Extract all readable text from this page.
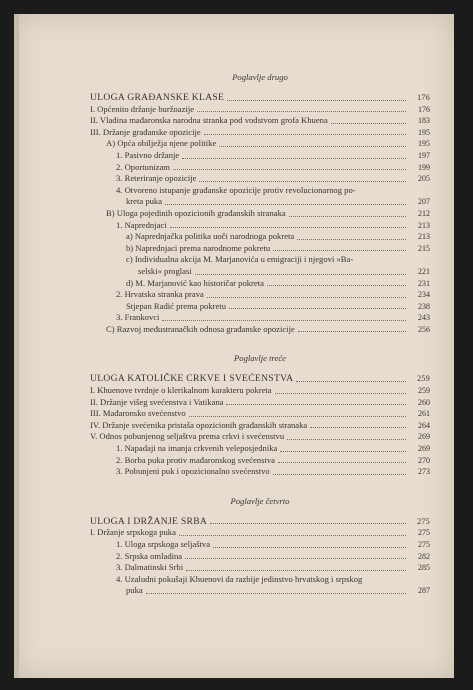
Poglavlje drugo

ULOGA GRAĐANSKE KLASE	176
I. Općenito držanje buržoazije	176
II. Vladina mađaronska narodna stranka pod vodstvom grofa Khuena	183
III. Držanje građanske opozicije	195
A) Opća obilježja njene politike	195
1. Pasivno držanje	197
2. Oportunizam	199
3. Reteriranje opozicije	205
4. Otvoreno istupanje građanske opozicije protiv revolucionarnog po-
kreta puka	207
B) Uloga pojedinih opozicionih građanskih stranaka	212
1. Naprednjaci	213
a) Naprednjačka politika uoči narodnoga pokreta	213
b) Naprednjaci prema narodnome pokretu	215
c) Individualna akcija M. Marjanovića u emigraciji i njegovi »Ba-
selski« proglasi	221
d) M. Marjanović kao historičar pokreta	231
2. Hrvatska stranka prava	234
Stjepan Radić prema pokretu	238
3. Frankovci	243
C) Razvoj međustranačkih odnosa građanske opozicije	256

Poglavlje treće

ULOGA KATOLIČKE CRKVE I SVEĆENSTVA	259
I. Khuenove tvrdnje o klerikalnom karakteru pokreta	259
II. Držanje višeg svećenstva i Vatikana	260
III. Mađaronsko svećenstvo	261
IV. Držanje svećenika pristaša opozicionih građanskih stranaka	264
V. Odnos pobunjenog seljaštva prema crkvi i svećenstvu	269
1. Napadaji na imanja crkvenih veleposjednika	269
2. Borba puka protiv mađaronskog svećenstva	270
3. Pobunjeni puk i opozicionalno svećenstvo	273

Poglavlje četvrto

ULOGA I DRŽANJE SRBA	275
I. Držanje srpskoga puka	275
1. Uloga srpskoga seljaštva	275
2. Srpska omladina	282
3. Dalmatinski Srbi	285
4. Uzaludni pokušaji Khuenovi da razbije jedinstvo hrvatskog i srpskog
puka	287
